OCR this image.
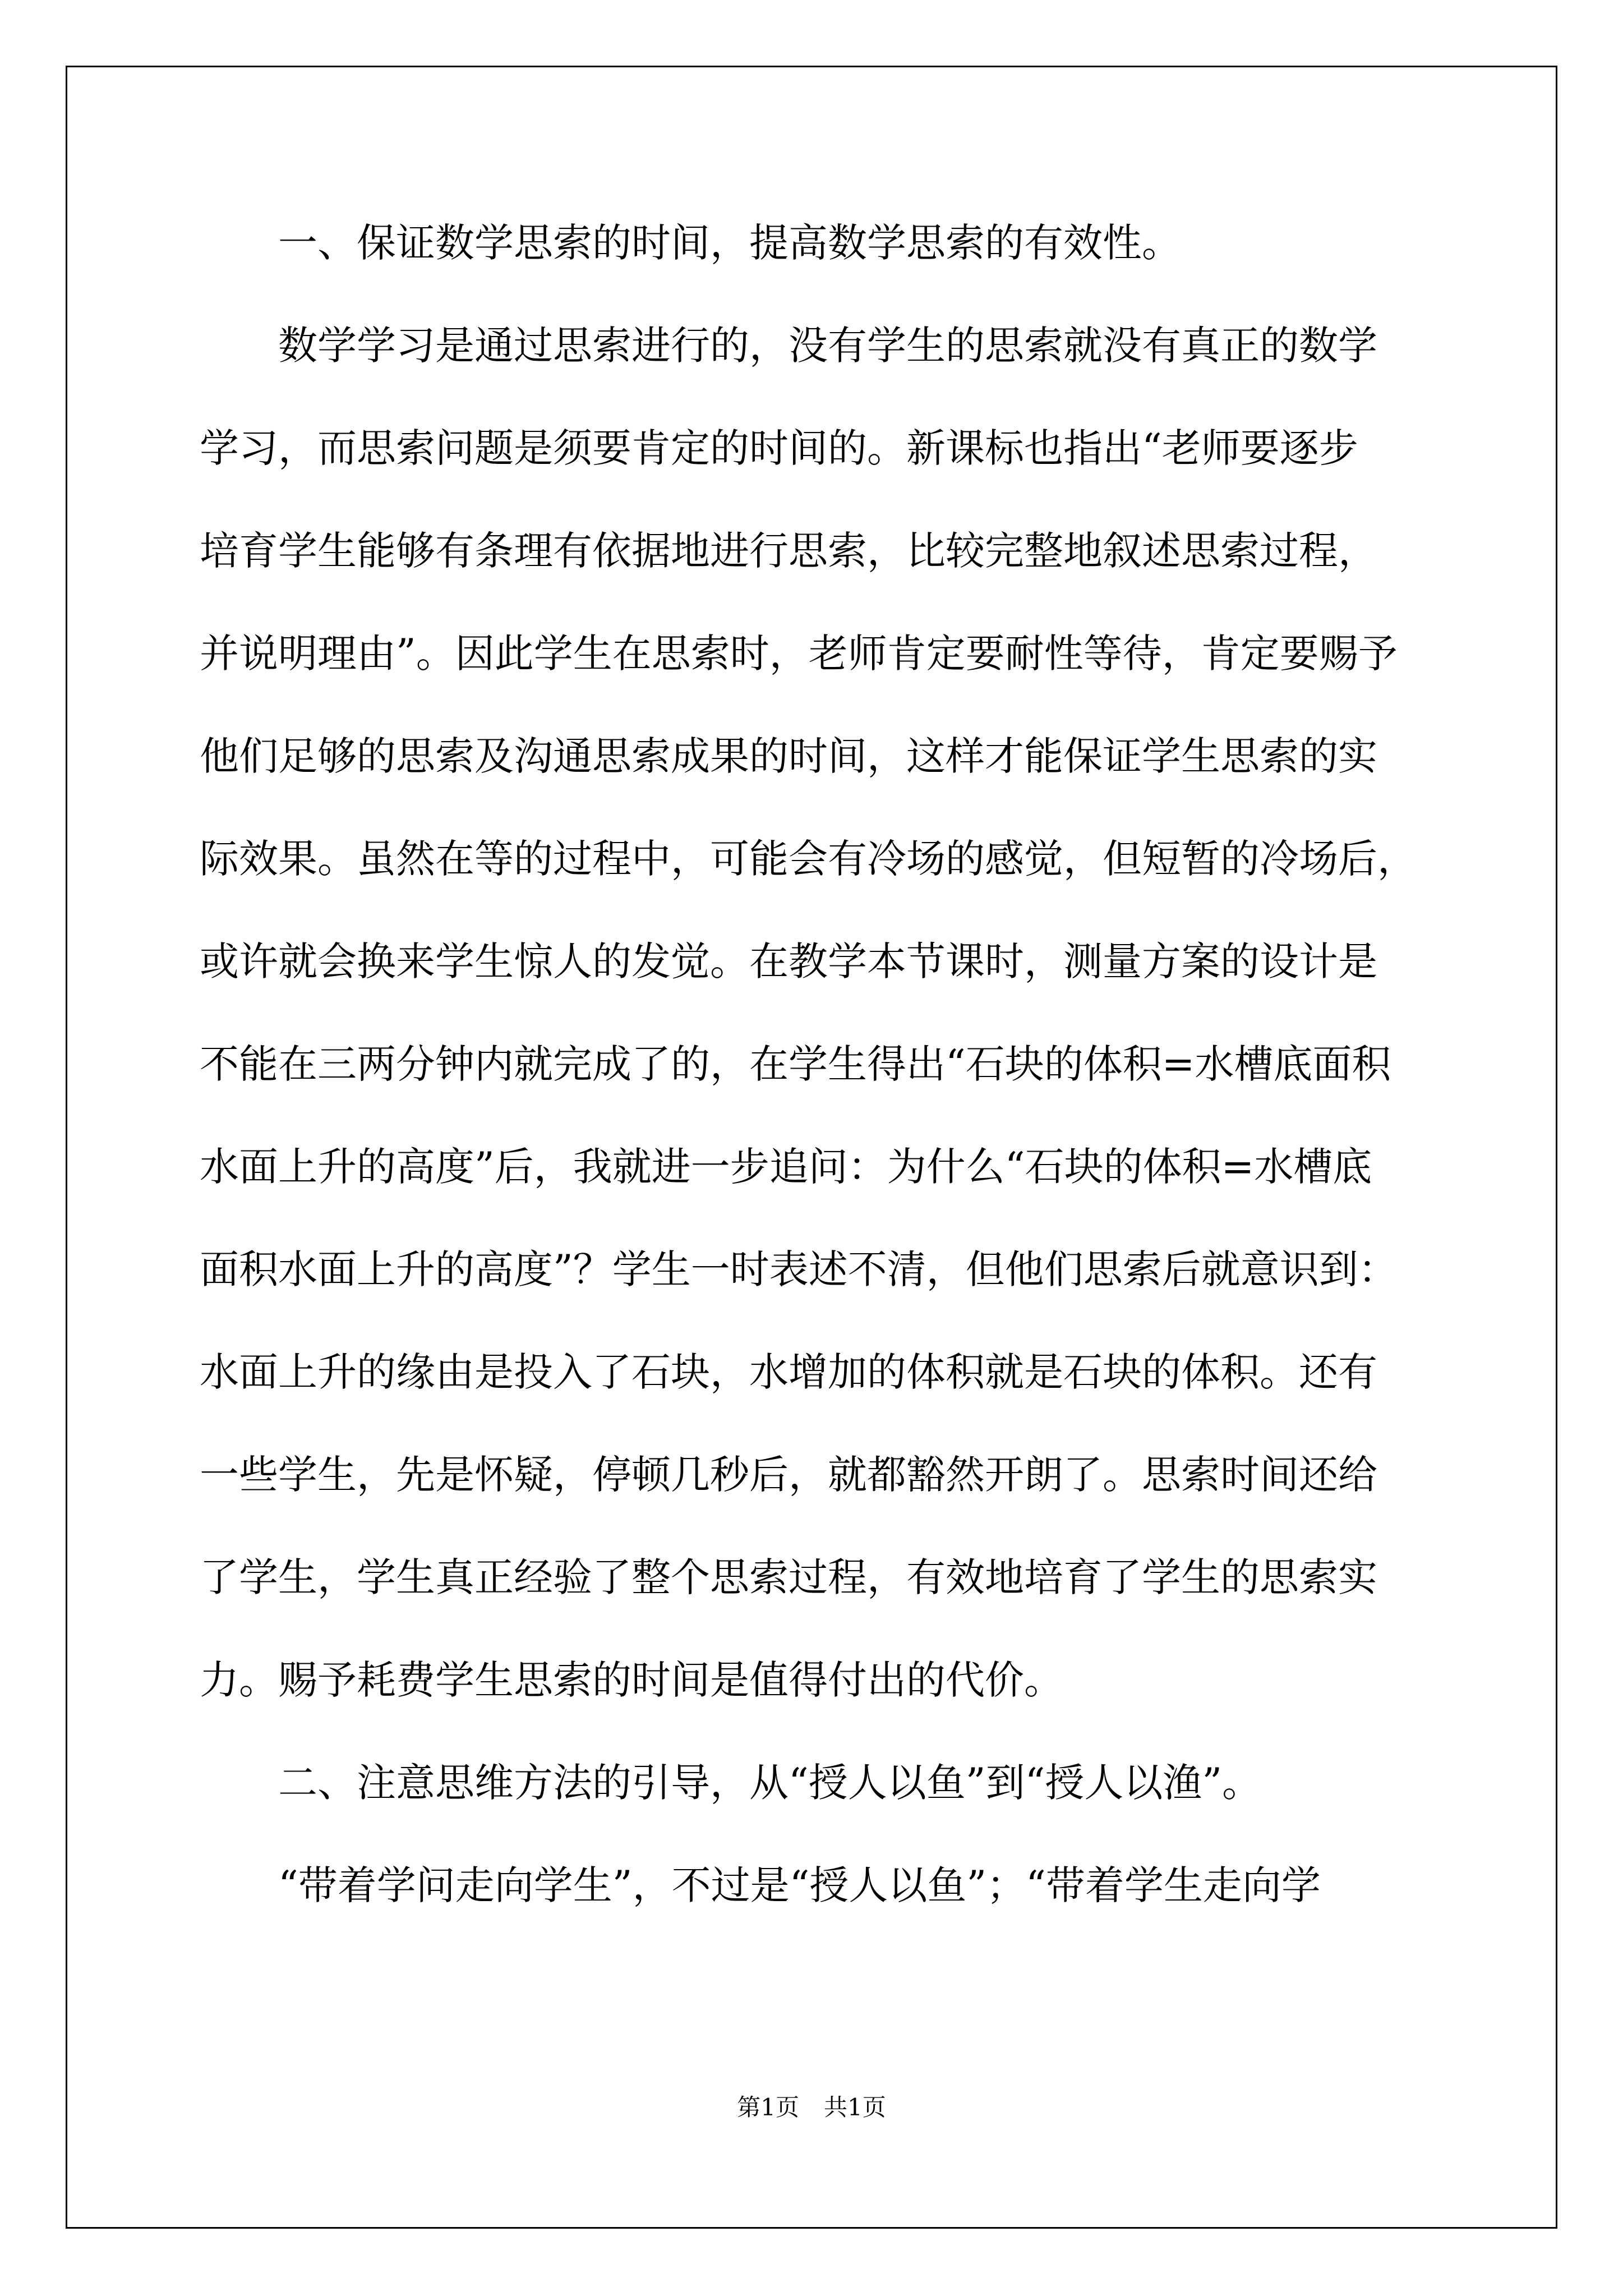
一、保证数学思索的时间，提高数学思索的有效性。
数学学习是通过思索进行的，没有学生的思索就没有真正的数学
学习，而思索问题是须要肯定的时间的。新课标也指出“老师要逐步
培育学生能够有条理有依据地进行思索，比较完整地叙述思索过程，
并说明理由”。因此学生在思索时，老师肯定要耐性等待，肯定要赐予
他们足够的思索及沟通思索成果的时间，这样才能保证学生思索的实
际效果。虽然在等的过程中，可能会有冷场的感觉，但短暂的冷场后，
或许就会换来学生惊人的发觉。在教学本节课时，测量方案的设计是
不能在三两分钟内就完成了的，在学生得出“石块的体积=水槽底面积
水面上升的高度”后，我就进一步追问：为什么“石块的体积=水槽底
面积水面上升的高度”？学生一时表述不清，但他们思索后就意识到：
水面上升的缘由是投入了石块，水增加的体积就是石块的体积。还有
一些学生，先是怀疑，停顿几秒后，就都豁然开朗了。思索时间还给
了学生，学生真正经验了整个思索过程，有效地培育了学生的思索实
力。赐予耗费学生思索的时间是值得付出的代价。
二、注意思维方法的引导，从“授人以鱼”到“授人以渔”。
“带着学问走向学生”，不过是“授人以鱼”；“带着学生走向学
第1页 共1页
